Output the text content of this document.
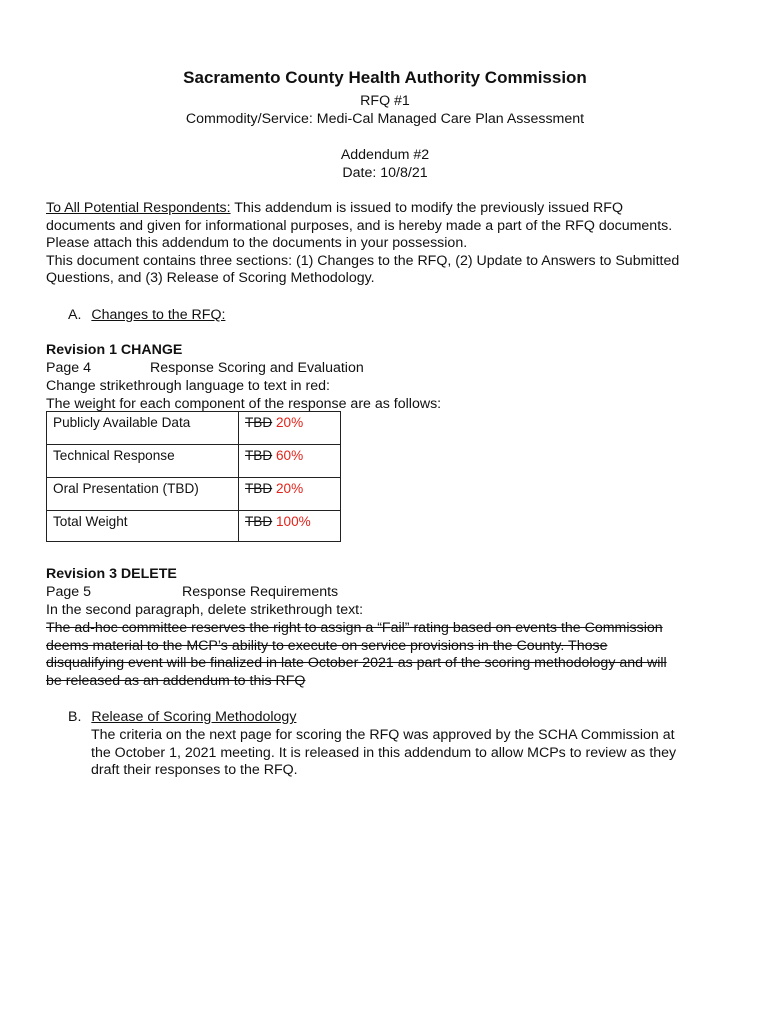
Sacramento County Health Authority Commission
RFQ #1
Commodity/Service: Medi-Cal Managed Care Plan Assessment
Addendum #2
Date: 10/8/21
To All Potential Respondents: This addendum is issued to modify the previously issued RFQ
documents and given for informational purposes, and is hereby made a part of the RFQ documents.
Please attach this addendum to the documents in your possession.
This document contains three sections: (1) Changes to the RFQ, (2) Update to Answers to Submitted
Questions, and (3) Release of Scoring Methodology.
A. Changes to the RFQ:
Revision 1 CHANGE
Page 4	Response Scoring and Evaluation
Change strikethrough language to text in red:
The weight for each component of the response are as follows:
Publicly Available Data	TBD 20%
Technical Response	TBD 60%
Oral Presentation (TBD)	TBD 20%
Total Weight	TBD 100%
Revision 3 DELETE
Page 5	Response Requirements
In the second paragraph, delete strikethrough text:
The ad-hoc committee reserves the right to assign a “Fail” rating based on events the Commission
deems material to the MCP’s ability to execute on service provisions in the County. Those
disqualifying event will be finalized in late October 2021 as part of the scoring methodology and will
be released as an addendum to this RFQ
B. Release of Scoring Methodology
The criteria on the next page for scoring the RFQ was approved by the SCHA Commission at
the October 1, 2021 meeting. It is released in this addendum to allow MCPs to review as they
draft their responses to the RFQ.
